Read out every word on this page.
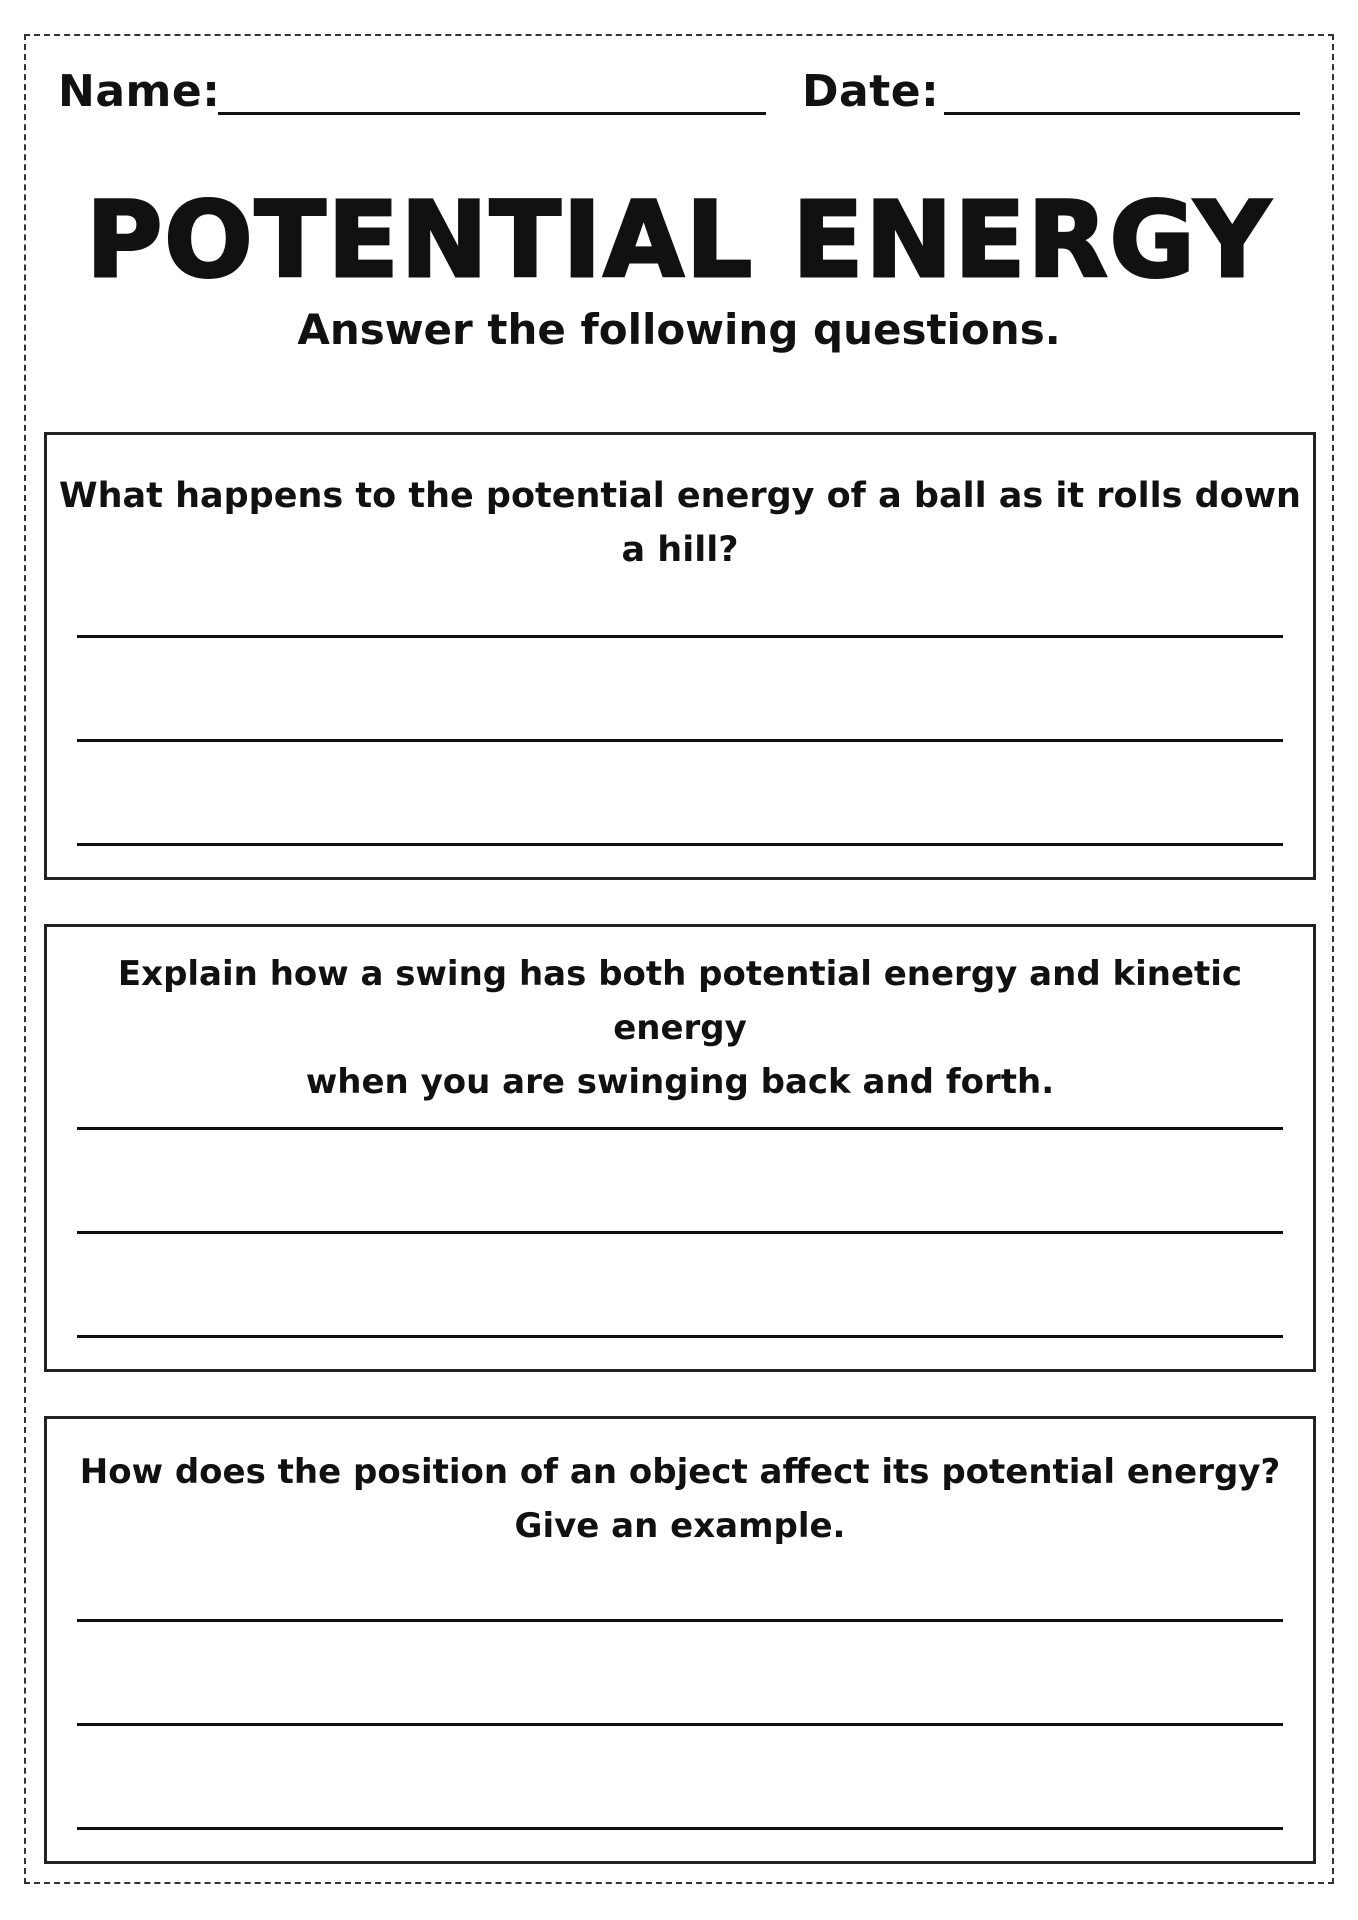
Name:	Date:
POTENTIAL ENERGY
Answer the following questions.
What happens to the potential energy of a ball as it rolls down a hill?
Explain how a swing has both potential energy and kinetic energy
when you are swinging back and forth.
How does the position of an object affect its potential energy?
Give an example.
